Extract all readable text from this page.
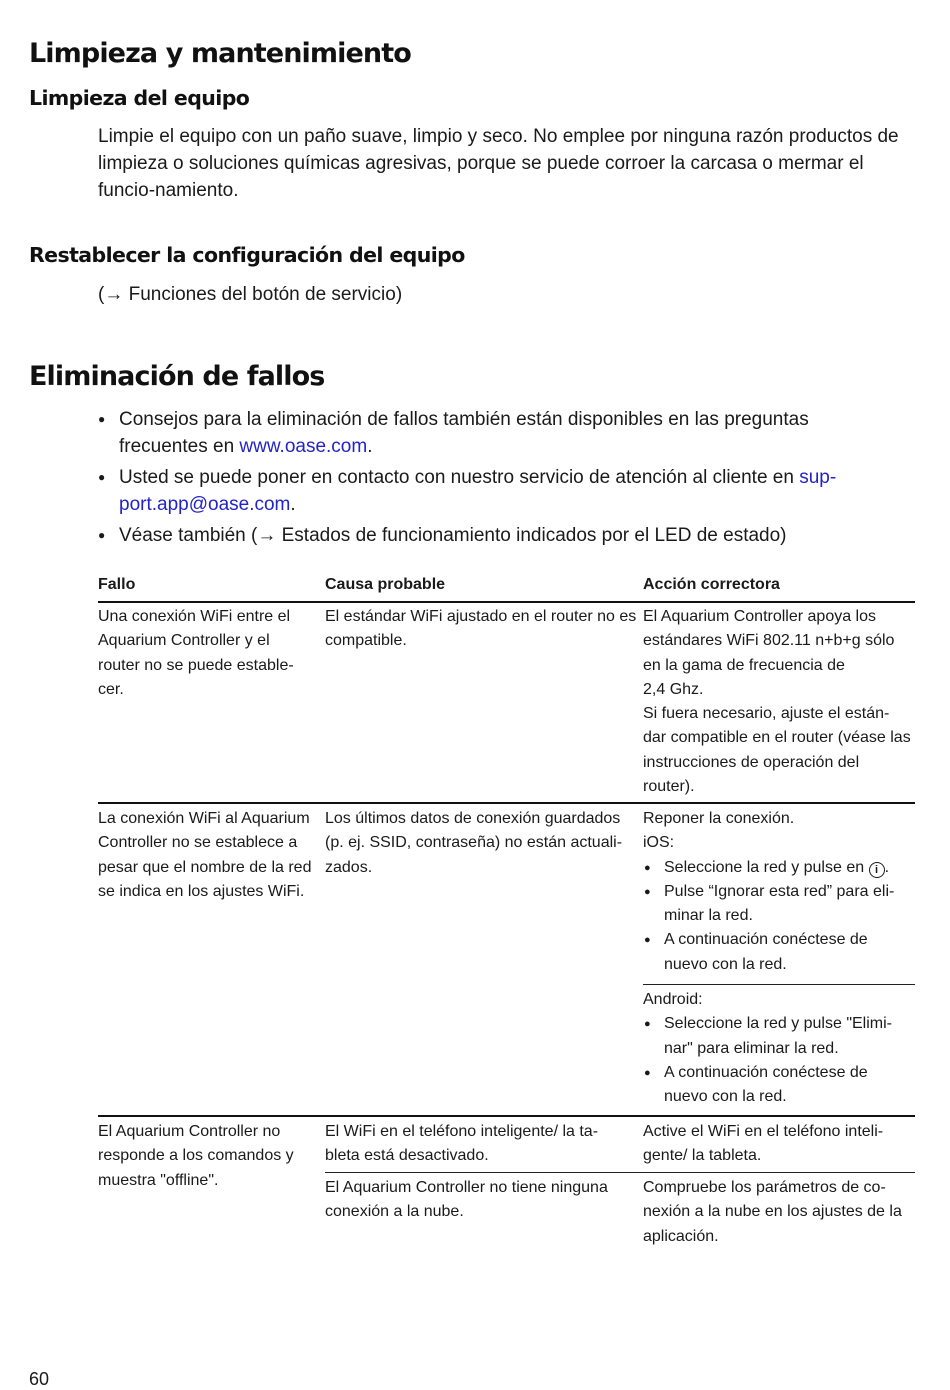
Limpieza y mantenimiento
Limpieza del equipo

Limpie el equipo con un paño suave, limpio y seco. No emplee por ninguna razón productos de limpieza o soluciones químicas agresivas, porque se puede corroer la carcasa o mermar el funcio-namiento.

Restablecer la configuración del equipo

(→ Funciones del botón de servicio)

Eliminación de fallos
● Consejos para la eliminación de fallos también están disponibles en las preguntas frecuentes en www.oase.com.
● Usted se puede poner en contacto con nuestro servicio de atención al cliente en sup-port.app@oase.com.
● Véase también (→ Estados de funcionamiento indicados por el LED de estado)
Fallo	Causa probable	Acción correctora
Una conexión WiFi entre el Aquarium Controller y el router no se puede estable-cer.
El estándar WiFi ajustado en el router no es compatible.
El Aquarium Controller apoya los estándares WiFi 802.11 n+b+g sólo en la gama de frecuencia de
2,4 Ghz.
Si fuera necesario, ajuste el están-dar compatible en el router (véase las instrucciones de operación del router).
La conexión WiFi al Aquarium Controller no se establece a pesar que el nombre de la red se indica en los ajustes WiFi.
Los últimos datos de conexión guardados (p. ej. SSID, contraseña) no están actuali-zados.
Reponer la conexión.
iOS:
● Seleccione la red y pulse en i .
● Pulse “Ignorar esta red” para eli-minar la red.
● A continuación conéctese de nuevo con la red.
Android:
● Seleccione la red y pulse "Elimi-nar" para eliminar la red.
● A continuación conéctese de nuevo con la red.
El Aquarium Controller no responde a los comandos y muestra "offline".
El WiFi en el teléfono inteligente/ la ta-bleta está desactivado.
Active el WiFi en el teléfono inteli-gente/ la tableta.
El Aquarium Controller no tiene ninguna conexión a la nube.
Compruebe los parámetros de co-nexión a la nube en los ajustes de la aplicación.
60
